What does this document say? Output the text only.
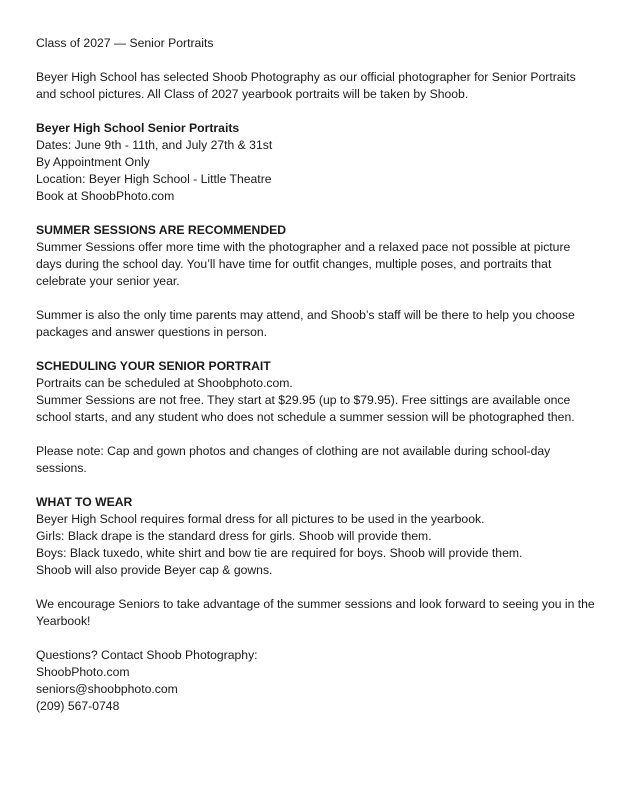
Class of 2027 — Senior Portraits
Beyer High School has selected Shoob Photography as our official photographer for Senior Portraits and school pictures. All Class of 2027 yearbook portraits will be taken by Shoob.
Beyer High School Senior Portraits
Dates: June 9th - 11th, and July 27th & 31st
By Appointment Only
Location: Beyer High School - Little Theatre
Book at ShoobPhoto.com
SUMMER SESSIONS ARE RECOMMENDED
Summer Sessions offer more time with the photographer and a relaxed pace not possible at picture days during the school day. You’ll have time for outfit changes, multiple poses, and portraits that celebrate your senior year.
Summer is also the only time parents may attend, and Shoob’s staff will be there to help you choose packages and answer questions in person.
SCHEDULING YOUR SENIOR PORTRAIT
Portraits can be scheduled at Shoobphoto.com.
Summer Sessions are not free. They start at $29.95 (up to $79.95). Free sittings are available once school starts, and any student who does not schedule a summer session will be photographed then.
Please note: Cap and gown photos and changes of clothing are not available during school-day sessions.
WHAT TO WEAR
Beyer High School requires formal dress for all pictures to be used in the yearbook.
Girls: Black drape is the standard dress for girls. Shoob will provide them.
Boys: Black tuxedo, white shirt and bow tie are required for boys. Shoob will provide them.
Shoob will also provide Beyer cap & gowns.
We encourage Seniors to take advantage of the summer sessions and look forward to seeing you in the Yearbook!
Questions? Contact Shoob Photography:
ShoobPhoto.com
seniors@shoobphoto.com
(209) 567-0748
